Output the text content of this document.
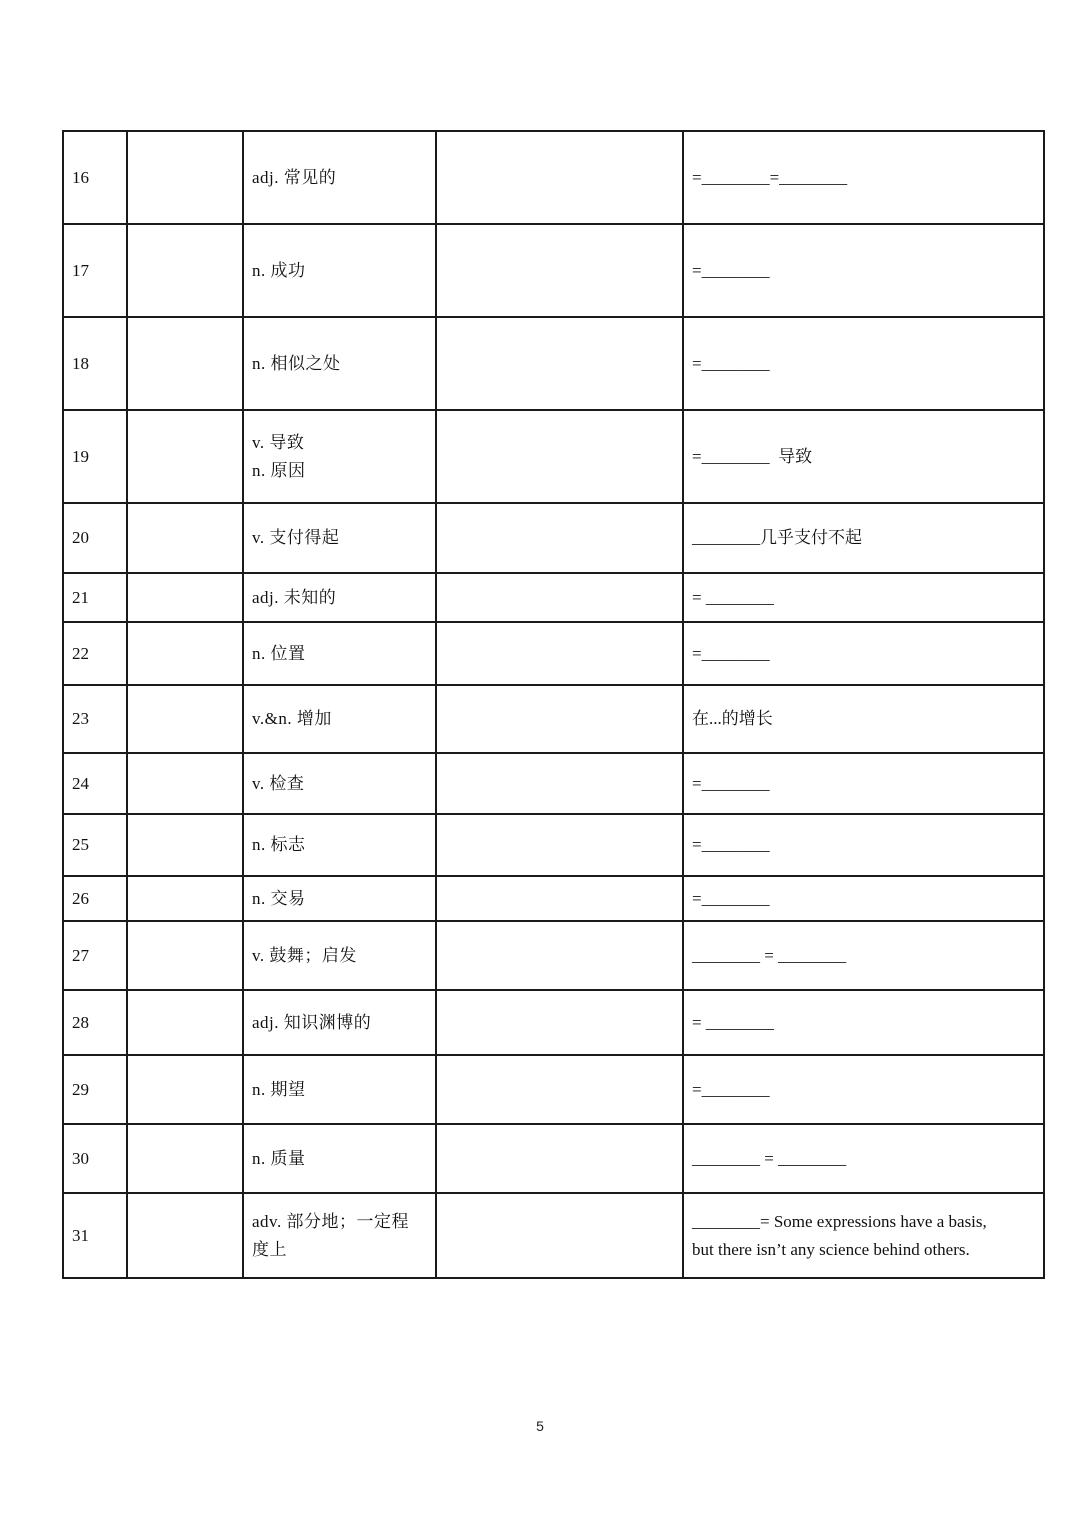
16		adj. 常见的		=________=________

17		n. 成功		=________

18		n. 相似之处		=________

19		v. 导致
n. 原因		=________  导致

20		v. 支付得起		________几乎支付不起

21		adj. 未知的		= ________

22		n. 位置		=________

23		v.&n. 增加		在...的增长

24		v. 检查		=________

25		n. 标志		=________

26		n. 交易		=________

27		v. 鼓舞；启发		________ = ________

28		adj. 知识渊博的		= ________

29		n. 期望		=________

30		n. 质量		________ = ________

31		adv. 部分地；一定程
度上		________= Some expressions have a basis,
but there isn’t any science behind others.
5
